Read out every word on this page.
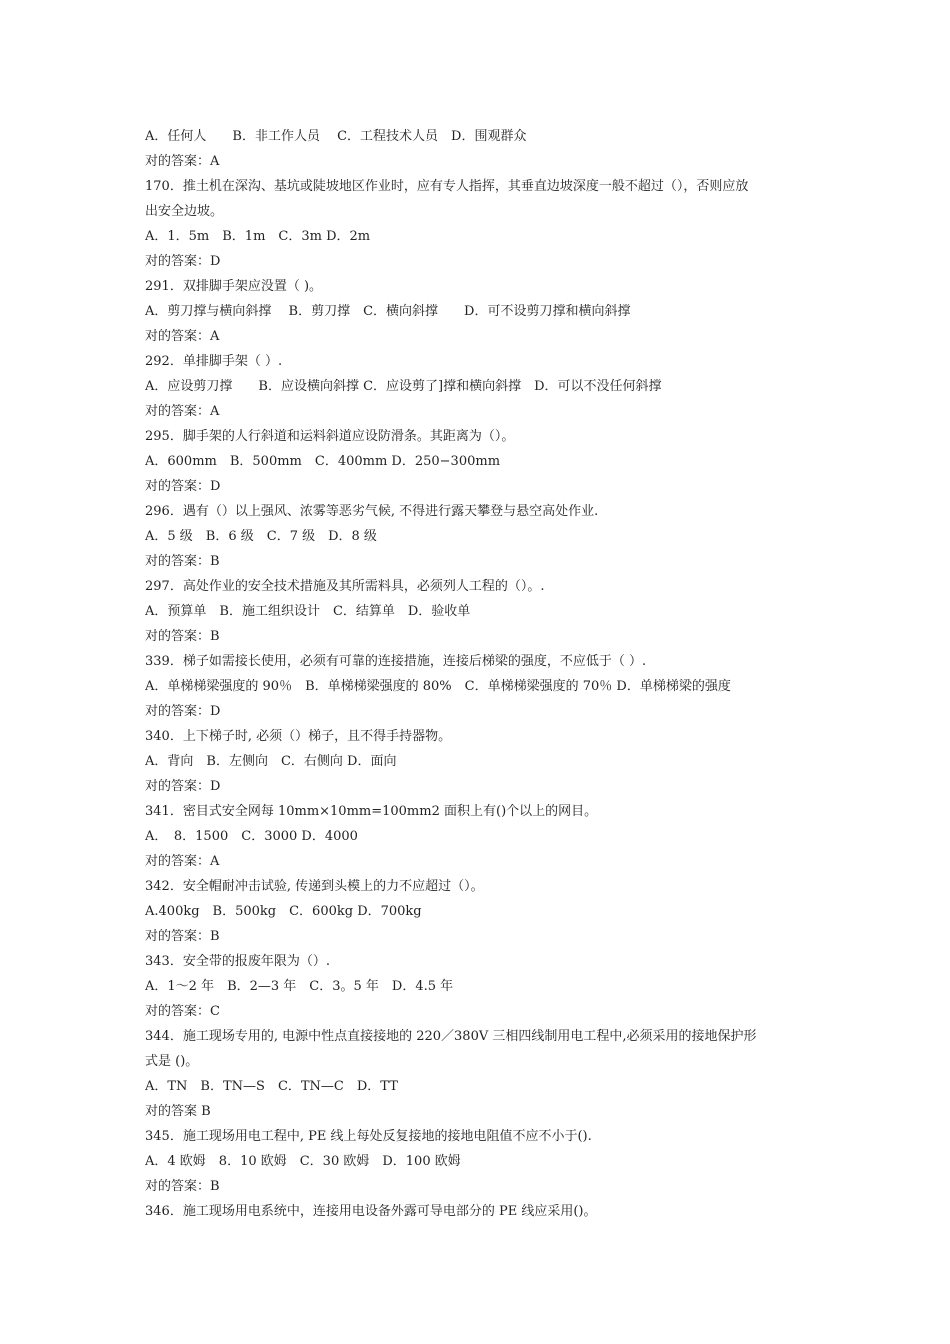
A．任何人　　B．非工作人员　 C．工程技术人员　D．围观群众
对的答案：A
170．推土机在深沟、基坑或陡坡地区作业时，应有专人指挥，其垂直边坡深度一般不超过（），否则应放
出安全边坡。
A．1．5m　B．1m　C．3m D．2m
对的答案：D
291．双排脚手架应没置（ )。
A．剪刀撑与横向斜撑　 B．剪刀撑　C．横向斜撑　　D．可不设剪刀撑和横向斜撑
对的答案：A
292．单排脚手架（ ）.
A．应设剪刀撑　　B．应设横向斜撑 C．应设剪了]撑和横向斜撑　D．可以不没任何斜撑
对的答案：A
295．脚手架的人行斜道和运料斜道应设防滑条。其距离为（）。
A．600mm　B．500mm　C．400mm D．250−300mm
对的答案：D
296．遇有（）以上强风、浓雾等恶劣气候, 不得进行露天攀登与悬空高处作业.
A．5 级　B．6 级　C．7 级　D．8 级
对的答案：B
297．高处作业的安全技术措施及其所需料具，必须列人工程的（）。.
A．预算单　B．施工组织设计　C．结算单　D．验收单
对的答案：B
339．梯子如需接长使用，必须有可靠的连接措施，连接后梯梁的强度，不应低于（ ）.
A．单梯梯梁强度的 90％　B．单梯梯梁强度的 80%　C．单梯梯梁强度的 70％ D．单梯梯梁的强度
对的答案：D
340．上下梯子时, 必须（）梯子，且不得手持器物。
A．背向　B．左侧向　C．右侧向 D．面向
对的答案：D
341．密目式安全网每 10mm×10mm=100mm2 面积上有()个以上的网目。
A．　8．1500　C．3000 D．4000
对的答案：A
342．安全帽耐冲击试验, 传递到头模上的力不应超过（）。
A.400kg　B．500kg　C．600kg D．700kg
对的答案：B
343．安全带的报废年限为（）.
A．1～2 年　B．2—3 年　C．3。5 年　D．4.5 年
对的答案：C
344．施工现场专用的, 电源中性点直接接地的 220／380V 三相四线制用电工程中,必须采用的接地保护形
式是 ()。
A．TN　B．TN—S　C．TN—C　D．TT
对的答案 B
345．施工现场用电工程中, PE 线上每处反复接地的接地电阻值不应不小于().
A．4 欧姆　8．10 欧姆　C．30 欧姆　D．100 欧姆
对的答案：B
346．施工现场用电系统中，连接用电设备外露可导电部分的 PE 线应采用()。
